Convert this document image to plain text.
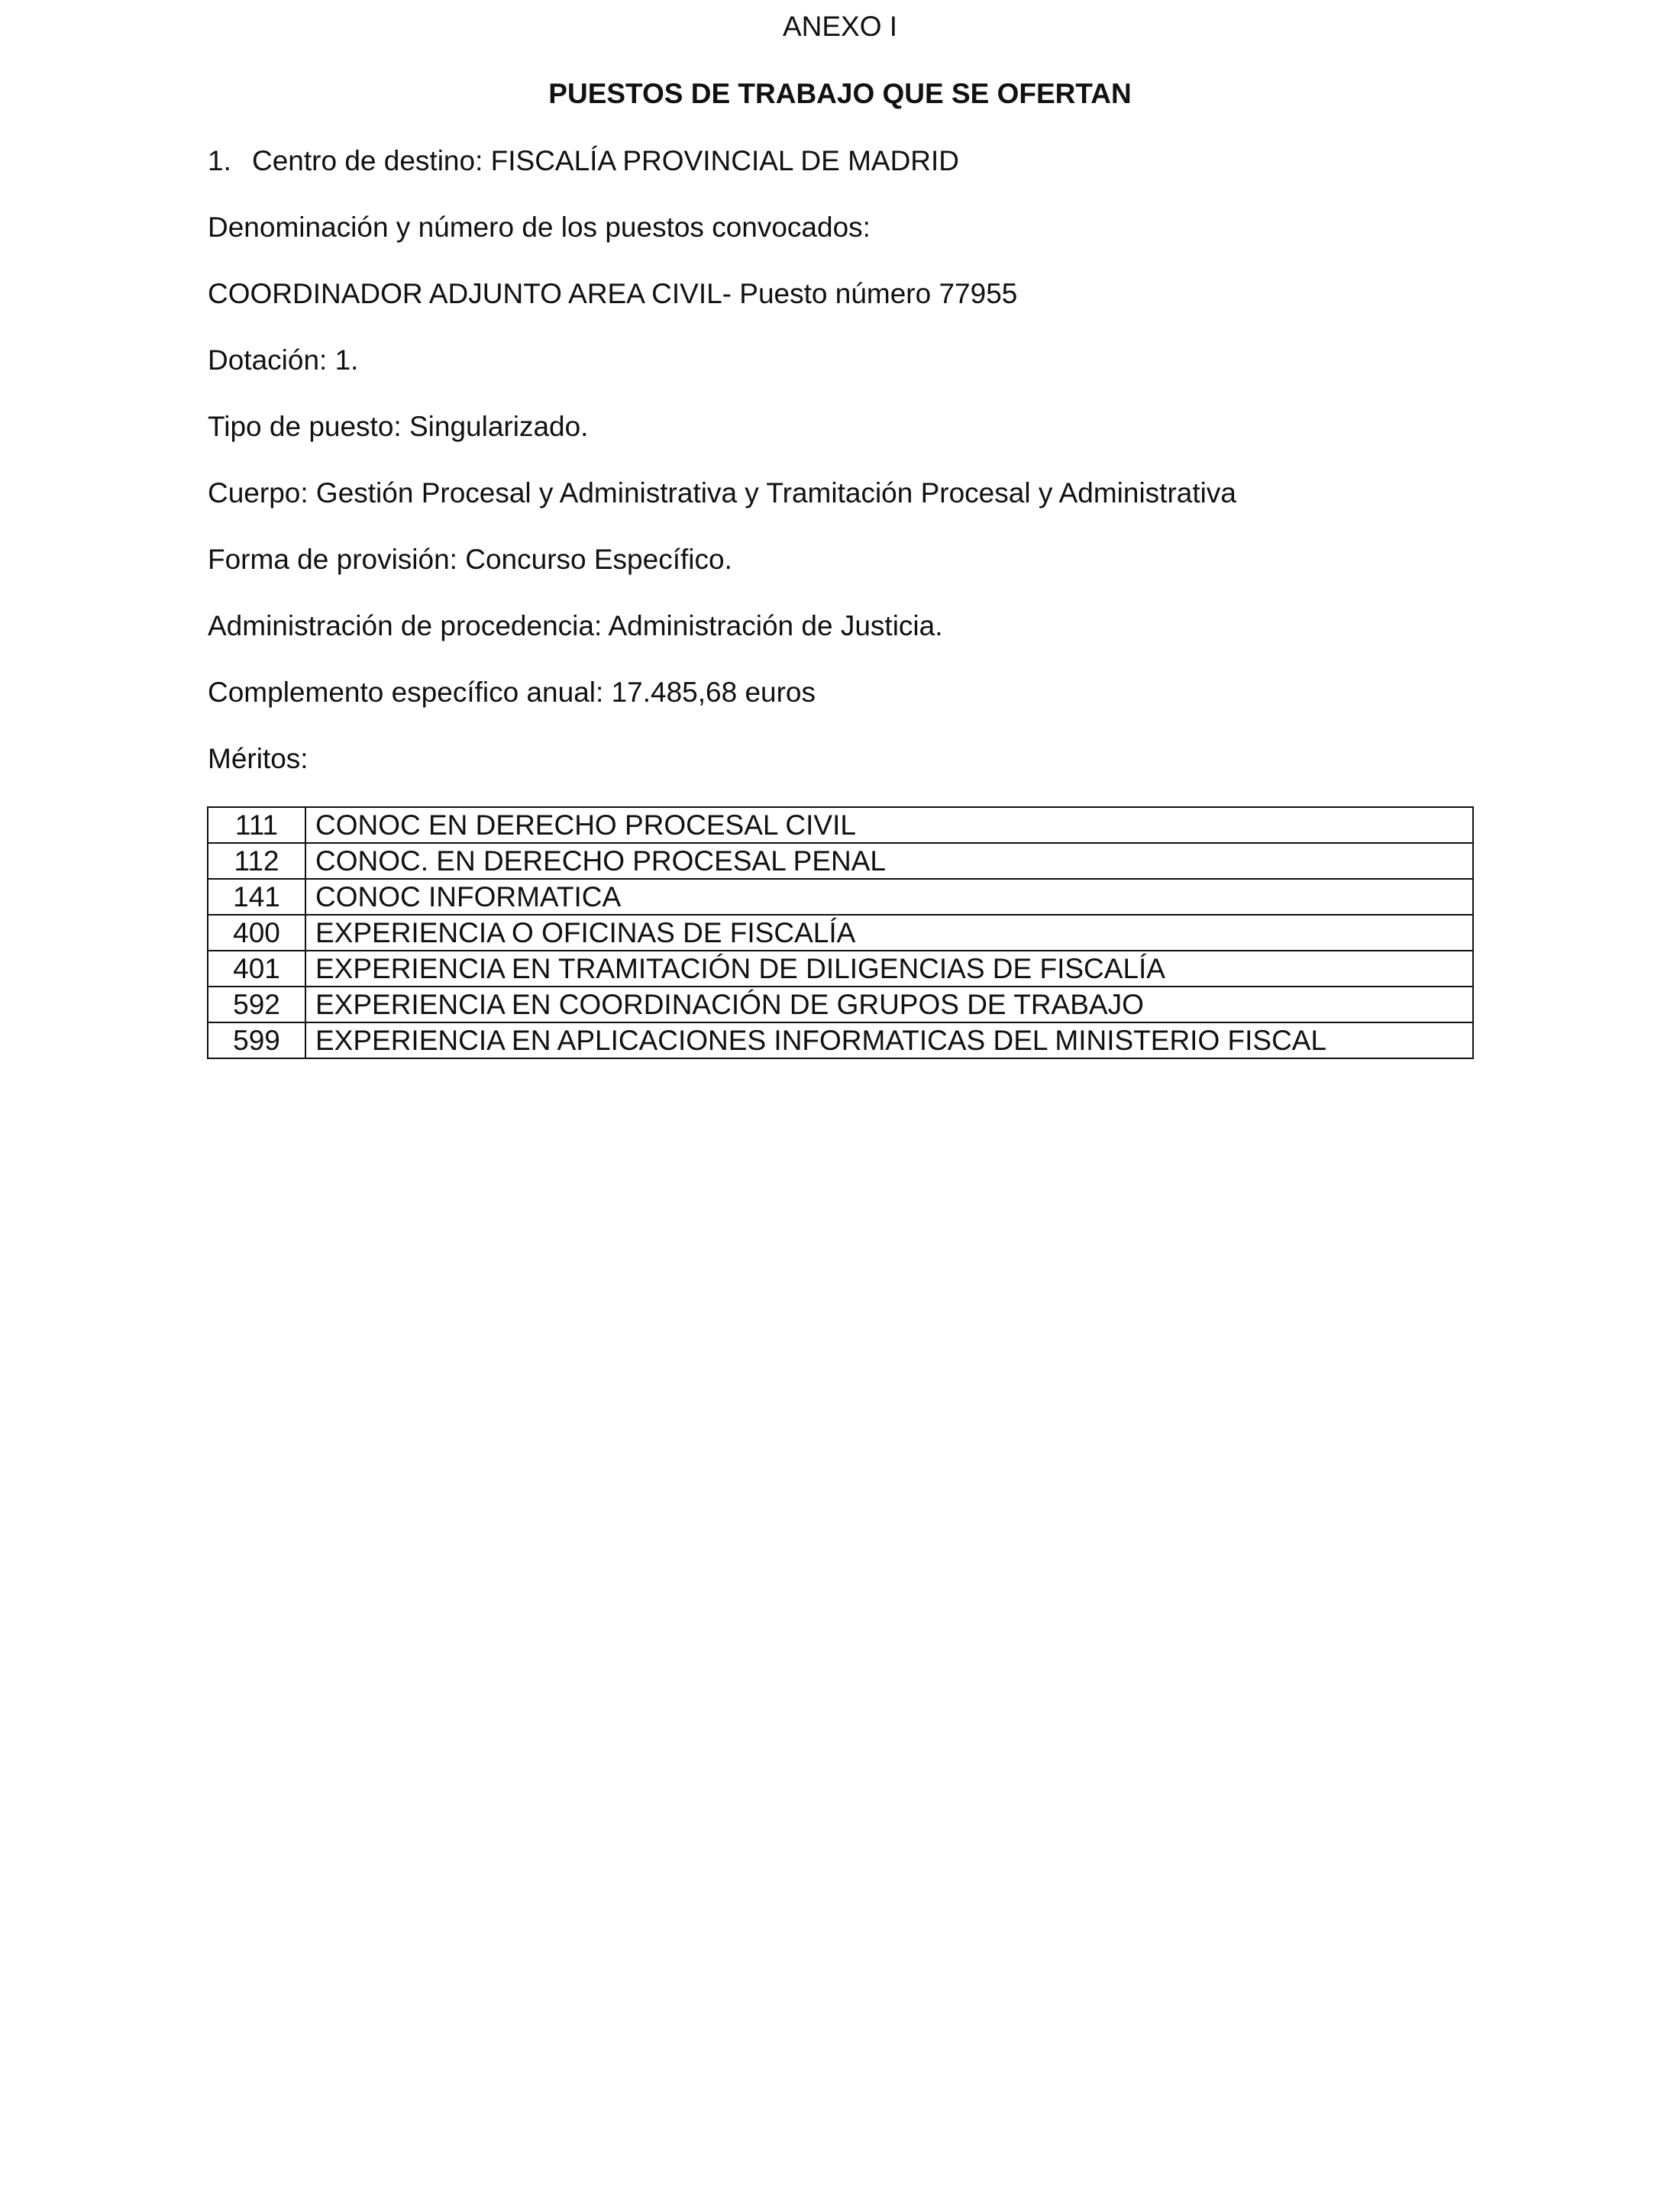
ANEXO I
PUESTOS DE TRABAJO QUE SE OFERTAN
1. Centro de destino: FISCALÍA PROVINCIAL DE MADRID
Denominación y número de los puestos convocados:
COORDINADOR ADJUNTO AREA CIVIL- Puesto número 77955
Dotación: 1.
Tipo de puesto: Singularizado.
Cuerpo: Gestión Procesal y Administrativa y Tramitación Procesal y Administrativa
Forma de provisión: Concurso Específico.
Administración de procedencia: Administración de Justicia.
Complemento específico anual: 17.485,68 euros
Méritos:
111	CONOC EN DERECHO PROCESAL CIVIL
112	CONOC. EN DERECHO PROCESAL PENAL
141	CONOC INFORMATICA
400	EXPERIENCIA O OFICINAS DE FISCALÍA
401	EXPERIENCIA EN TRAMITACIÓN DE DILIGENCIAS DE FISCALÍA
592	EXPERIENCIA EN COORDINACIÓN DE GRUPOS DE TRABAJO
599	EXPERIENCIA EN APLICACIONES INFORMATICAS DEL MINISTERIO FISCAL
